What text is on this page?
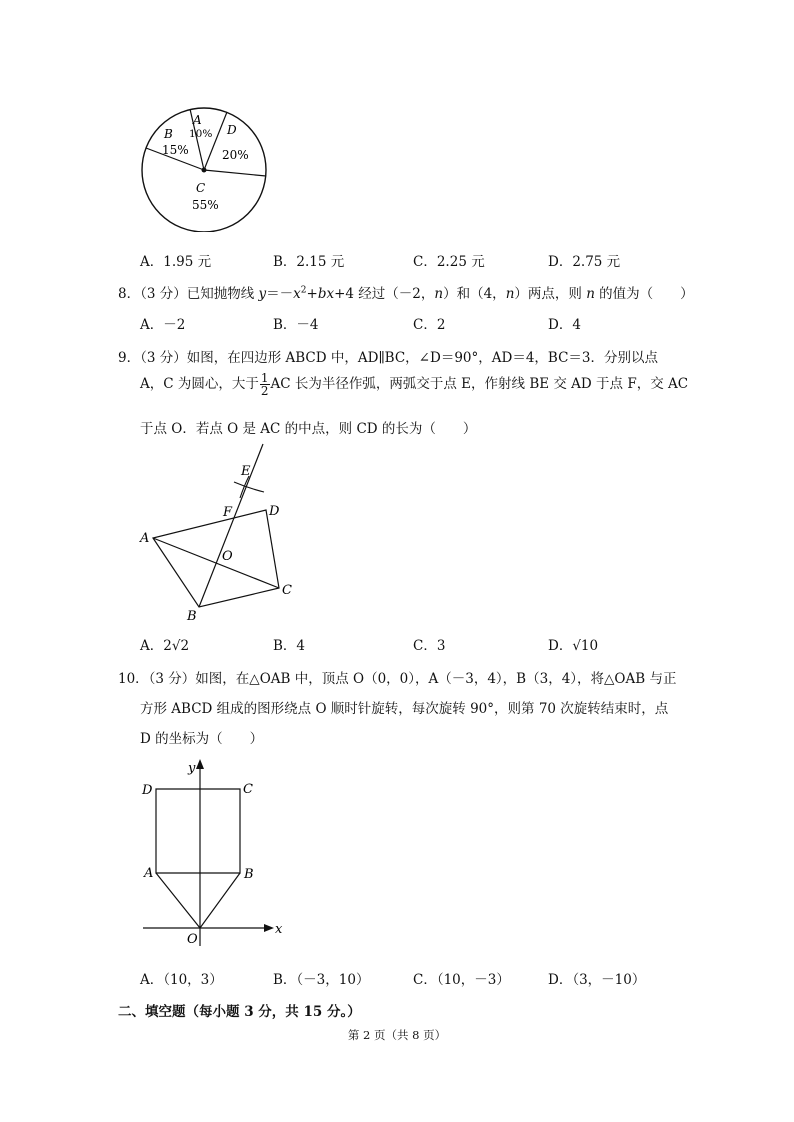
A
10%
B
15%
C
55%
D
20%
A．1.95 元	B．2.15 元	C．2.25 元	D．2.75 元
8．（3 分）已知抛物线 $y=-x^2+bx+4$ 经过（－2，n）和（4，n）两点，则 n 的值为（　　）
A．－2	B．－4	C．2	D．4
9．（3 分）如图，在四边形 ABCD 中，AD∥BC，∠D＝90°，AD＝4，BC＝3．分别以点
A，C 为圆心，大于 $\frac{1}{2}$ AC 长为半径作弧，两弧交于点 E，作射线 BE 交 AD 于点 F，交 AC
于点 O．若点 O 是 AC 的中点，则 CD 的长为（　　）
E
F	D
A
O
C
B
A．2√2	B．4	C．3	D．√10
10．（3 分）如图，在△OAB 中，顶点 O（0，0），A（－3，4），B（3，4），将△OAB 与正
方形 ABCD 组成的图形绕点 O 顺时针旋转，每次旋转 90°，则第 70 次旋转结束时，点
D 的坐标为（　　）
y
D	C
A	B
x
O
A．（10，3）	B．（－3，10）	C．（10，－3）	D．（3，－10）
二、填空题（每小题 3 分，共 15 分。）
第 2 页（共 8 页）
